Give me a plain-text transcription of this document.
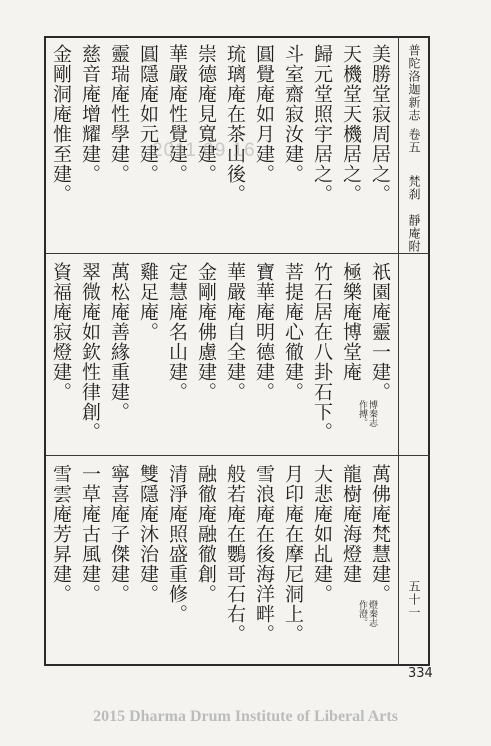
普陀洛迦新志
卷五
梵刹
靜庵附
五十一
美勝堂寂周居之。
天機堂天機居之。
歸元堂照宇居之。
斗室齋寂汝建。
圓覺庵如月建。
琉璃庵在茶山後。
崇德庵見寬建。
華嚴庵性覺建。
圓隱庵如元建。
靈瑞庵性學建。
慈音庵增耀建。
金剛洞庵惟至建。
祇園庵靈一建。
極樂庵博堂庵
博秦志
作搏。
竹石居在八卦石下。
菩提庵心徹建。
寶華庵明德建。
華嚴庵自全建。
金剛庵佛慮建。
定慧庵名山建。
雞足庵。
萬松庵善緣重建。
翠微庵如欽性律創。
資福庵寂燈建。
萬佛庵梵慧建。
龍樹庵海燈建
燈秦志
作澄。
大悲庵如乩建。
月印庵在摩尼洞上。
雪浪庵在後海洋畔。
般若庵在鸚哥石右。
融徹庵融徹創。
清淨庵照盛重修。
雙隱庵沐治建。
寧喜庵子傑建。
一草庵古風建。
雪雲庵芳昇建。
2011.09.16
334
2015 Dharma Drum Institute of Liberal Arts
